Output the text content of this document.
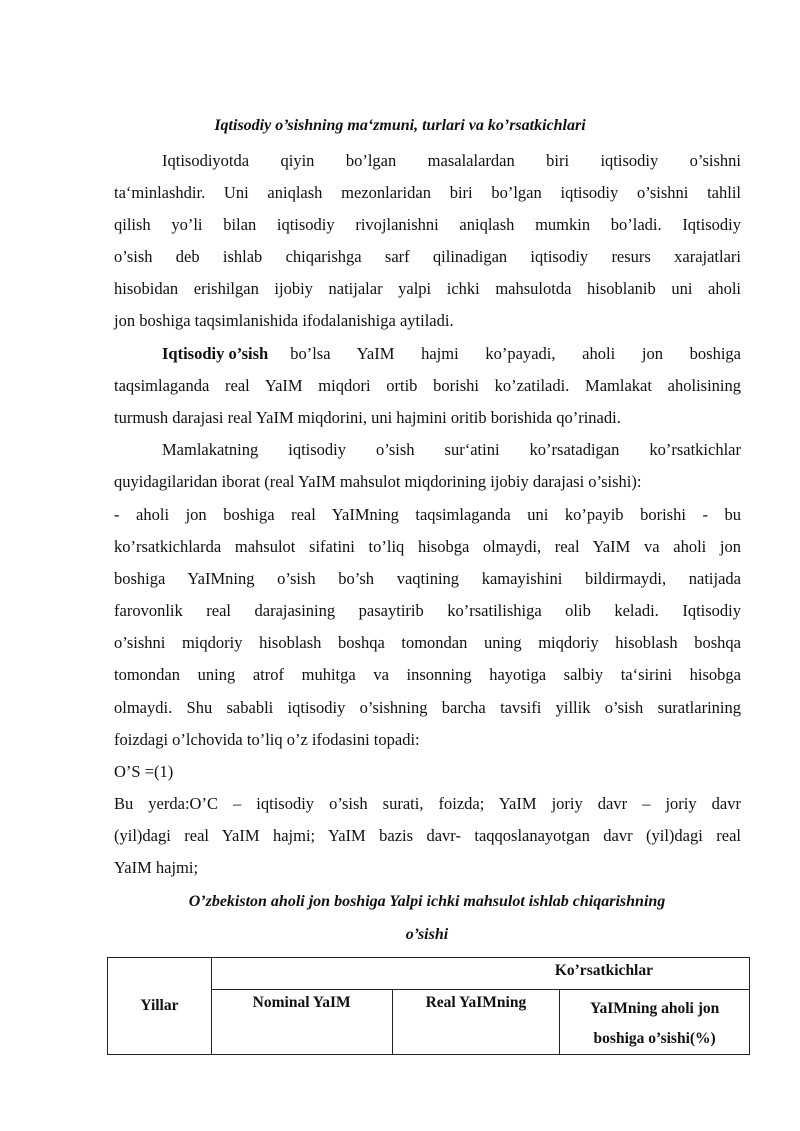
Iqtisodiy o’sishning ma‘zmuni, turlari va ko’rsatkichlari
Iqtisodiyotda qiyin bo’lgan masalalardan biri iqtisodiy o’sishni
ta‘minlashdir. Uni aniqlash mezonlaridan biri bo’lgan iqtisodiy o’sishni tahlil
qilish yo’li bilan iqtisodiy rivojlanishni aniqlash mumkin bo’ladi. Iqtisodiy
o’sish deb ishlab chiqarishga sarf qilinadigan iqtisodiy resurs xarajatlari
hisobidan erishilgan ijobiy natijalar yalpi ichki mahsulotda hisoblanib uni aholi
jon boshiga taqsimlanishida ifodalanishiga aytiladi.
Iqtisodiy o’sish bo’lsa YaIM hajmi ko’payadi, aholi jon boshiga
taqsimlaganda real YaIM miqdori ortib borishi ko’zatiladi. Mamlakat aholisining
turmush darajasi real YaIM miqdorini, uni hajmini oritib borishida qo’rinadi.
Mamlakatning iqtisodiy o’sish sur‘atini ko’rsatadigan ko’rsatkichlar
quyidagilaridan iborat (real YaIM mahsulot miqdorining ijobiy darajasi o’sishi):
- aholi jon boshiga real YaIMning taqsimlaganda uni ko’payib borishi - bu
ko’rsatkichlarda mahsulot sifatini to’liq hisobga olmaydi, real YaIM va aholi jon
boshiga YaIMning o’sish bo’sh vaqtining kamayishini bildirmaydi, natijada
farovonlik real darajasining pasaytirib ko’rsatilishiga olib keladi. Iqtisodiy
o’sishni miqdoriy hisoblash boshqa tomondan uning miqdoriy hisoblash boshqa
tomondan uning atrof muhitga va insonning hayotiga salbiy ta‘sirini hisobga
olmaydi. Shu sababli iqtisodiy o’sishning barcha tavsifi yillik o’sish suratlarining
foizdagi o’lchovida to’liq o’z ifodasini topadi:
O’S =(1)
Bu yerda:O’C – iqtisodiy o’sish surati, foizda; YaIM joriy davr – joriy davr
(yil)dagi real YaIM hajmi; YaIM bazis davr- taqqoslanayotgan davr (yil)dagi real
YaIM hajmi;
O’zbekiston aholi jon boshiga Yalpi ichki mahsulot ishlab chiqarishning
o’sishi
Yillar	Ko’rsatkichlar		
	Nominal YaIM	Real YaIMning	YaIMning aholi jon
boshiga o’sishi(%)
